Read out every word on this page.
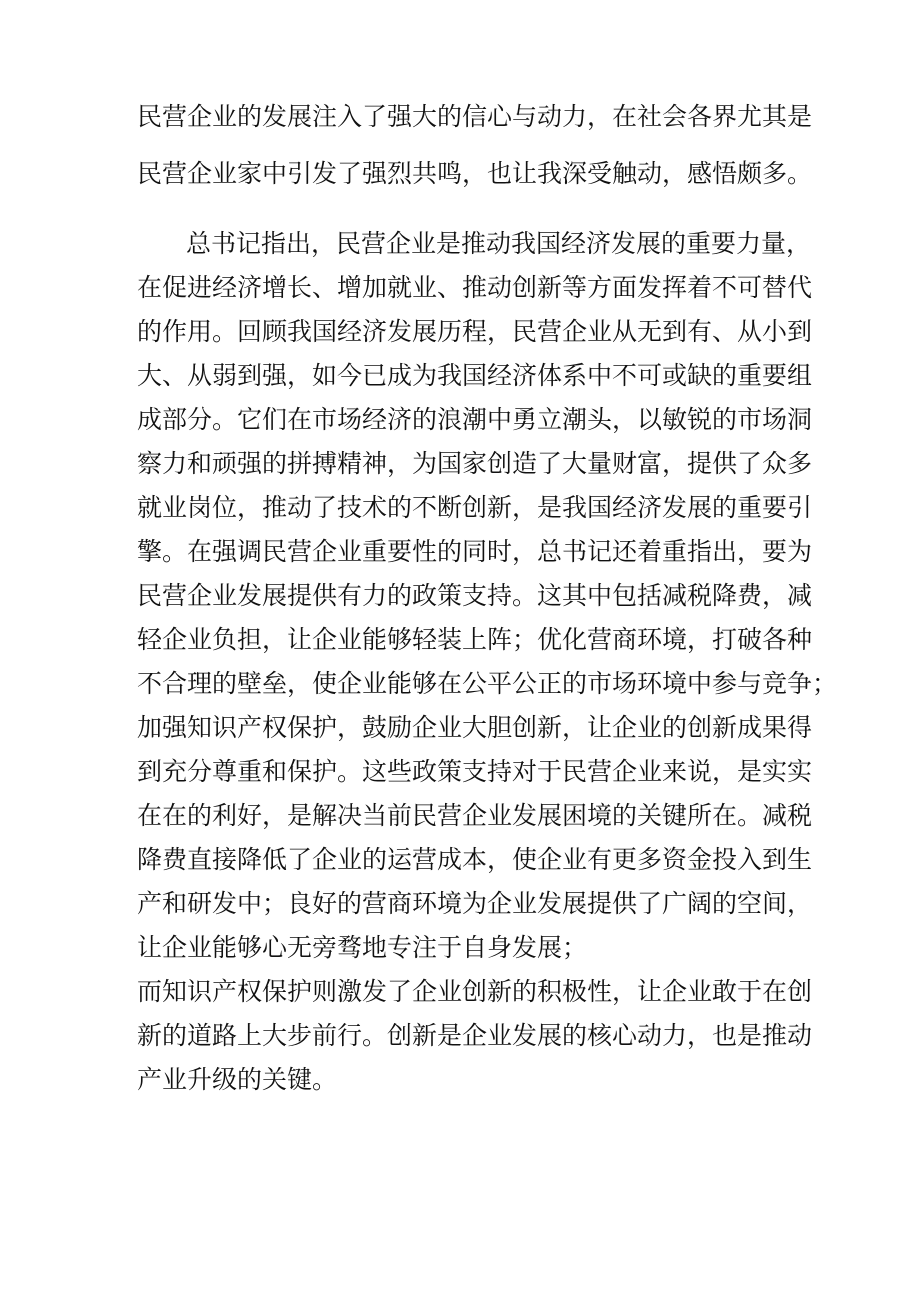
民营企业的发展注入了强大的信心与动力，在社会各界尤其是
民营企业家中引发了强烈共鸣，也让我深受触动，感悟颇多。
总书记指出，民营企业是推动我国经济发展的重要力量，
在促进经济增长、增加就业、推动创新等方面发挥着不可替代
的作用。回顾我国经济发展历程，民营企业从无到有、从小到
大、从弱到强，如今已成为我国经济体系中不可或缺的重要组
成部分。它们在市场经济的浪潮中勇立潮头，以敏锐的市场洞
察力和顽强的拼搏精神，为国家创造了大量财富，提供了众多
就业岗位，推动了技术的不断创新，是我国经济发展的重要引
擎。在强调民营企业重要性的同时，总书记还着重指出，要为
民营企业发展提供有力的政策支持。这其中包括减税降费，减
轻企业负担，让企业能够轻装上阵；优化营商环境，打破各种
不合理的壁垒，使企业能够在公平公正的市场环境中参与竞争；
加强知识产权保护，鼓励企业大胆创新，让企业的创新成果得
到充分尊重和保护。这些政策支持对于民营企业来说，是实实
在在的利好，是解决当前民营企业发展困境的关键所在。减税
降费直接降低了企业的运营成本，使企业有更多资金投入到生
产和研发中；良好的营商环境为企业发展提供了广阔的空间，
让企业能够心无旁骛地专注于自身发展；
而知识产权保护则激发了企业创新的积极性，让企业敢于在创
新的道路上大步前行。创新是企业发展的核心动力，也是推动
产业升级的关键。
